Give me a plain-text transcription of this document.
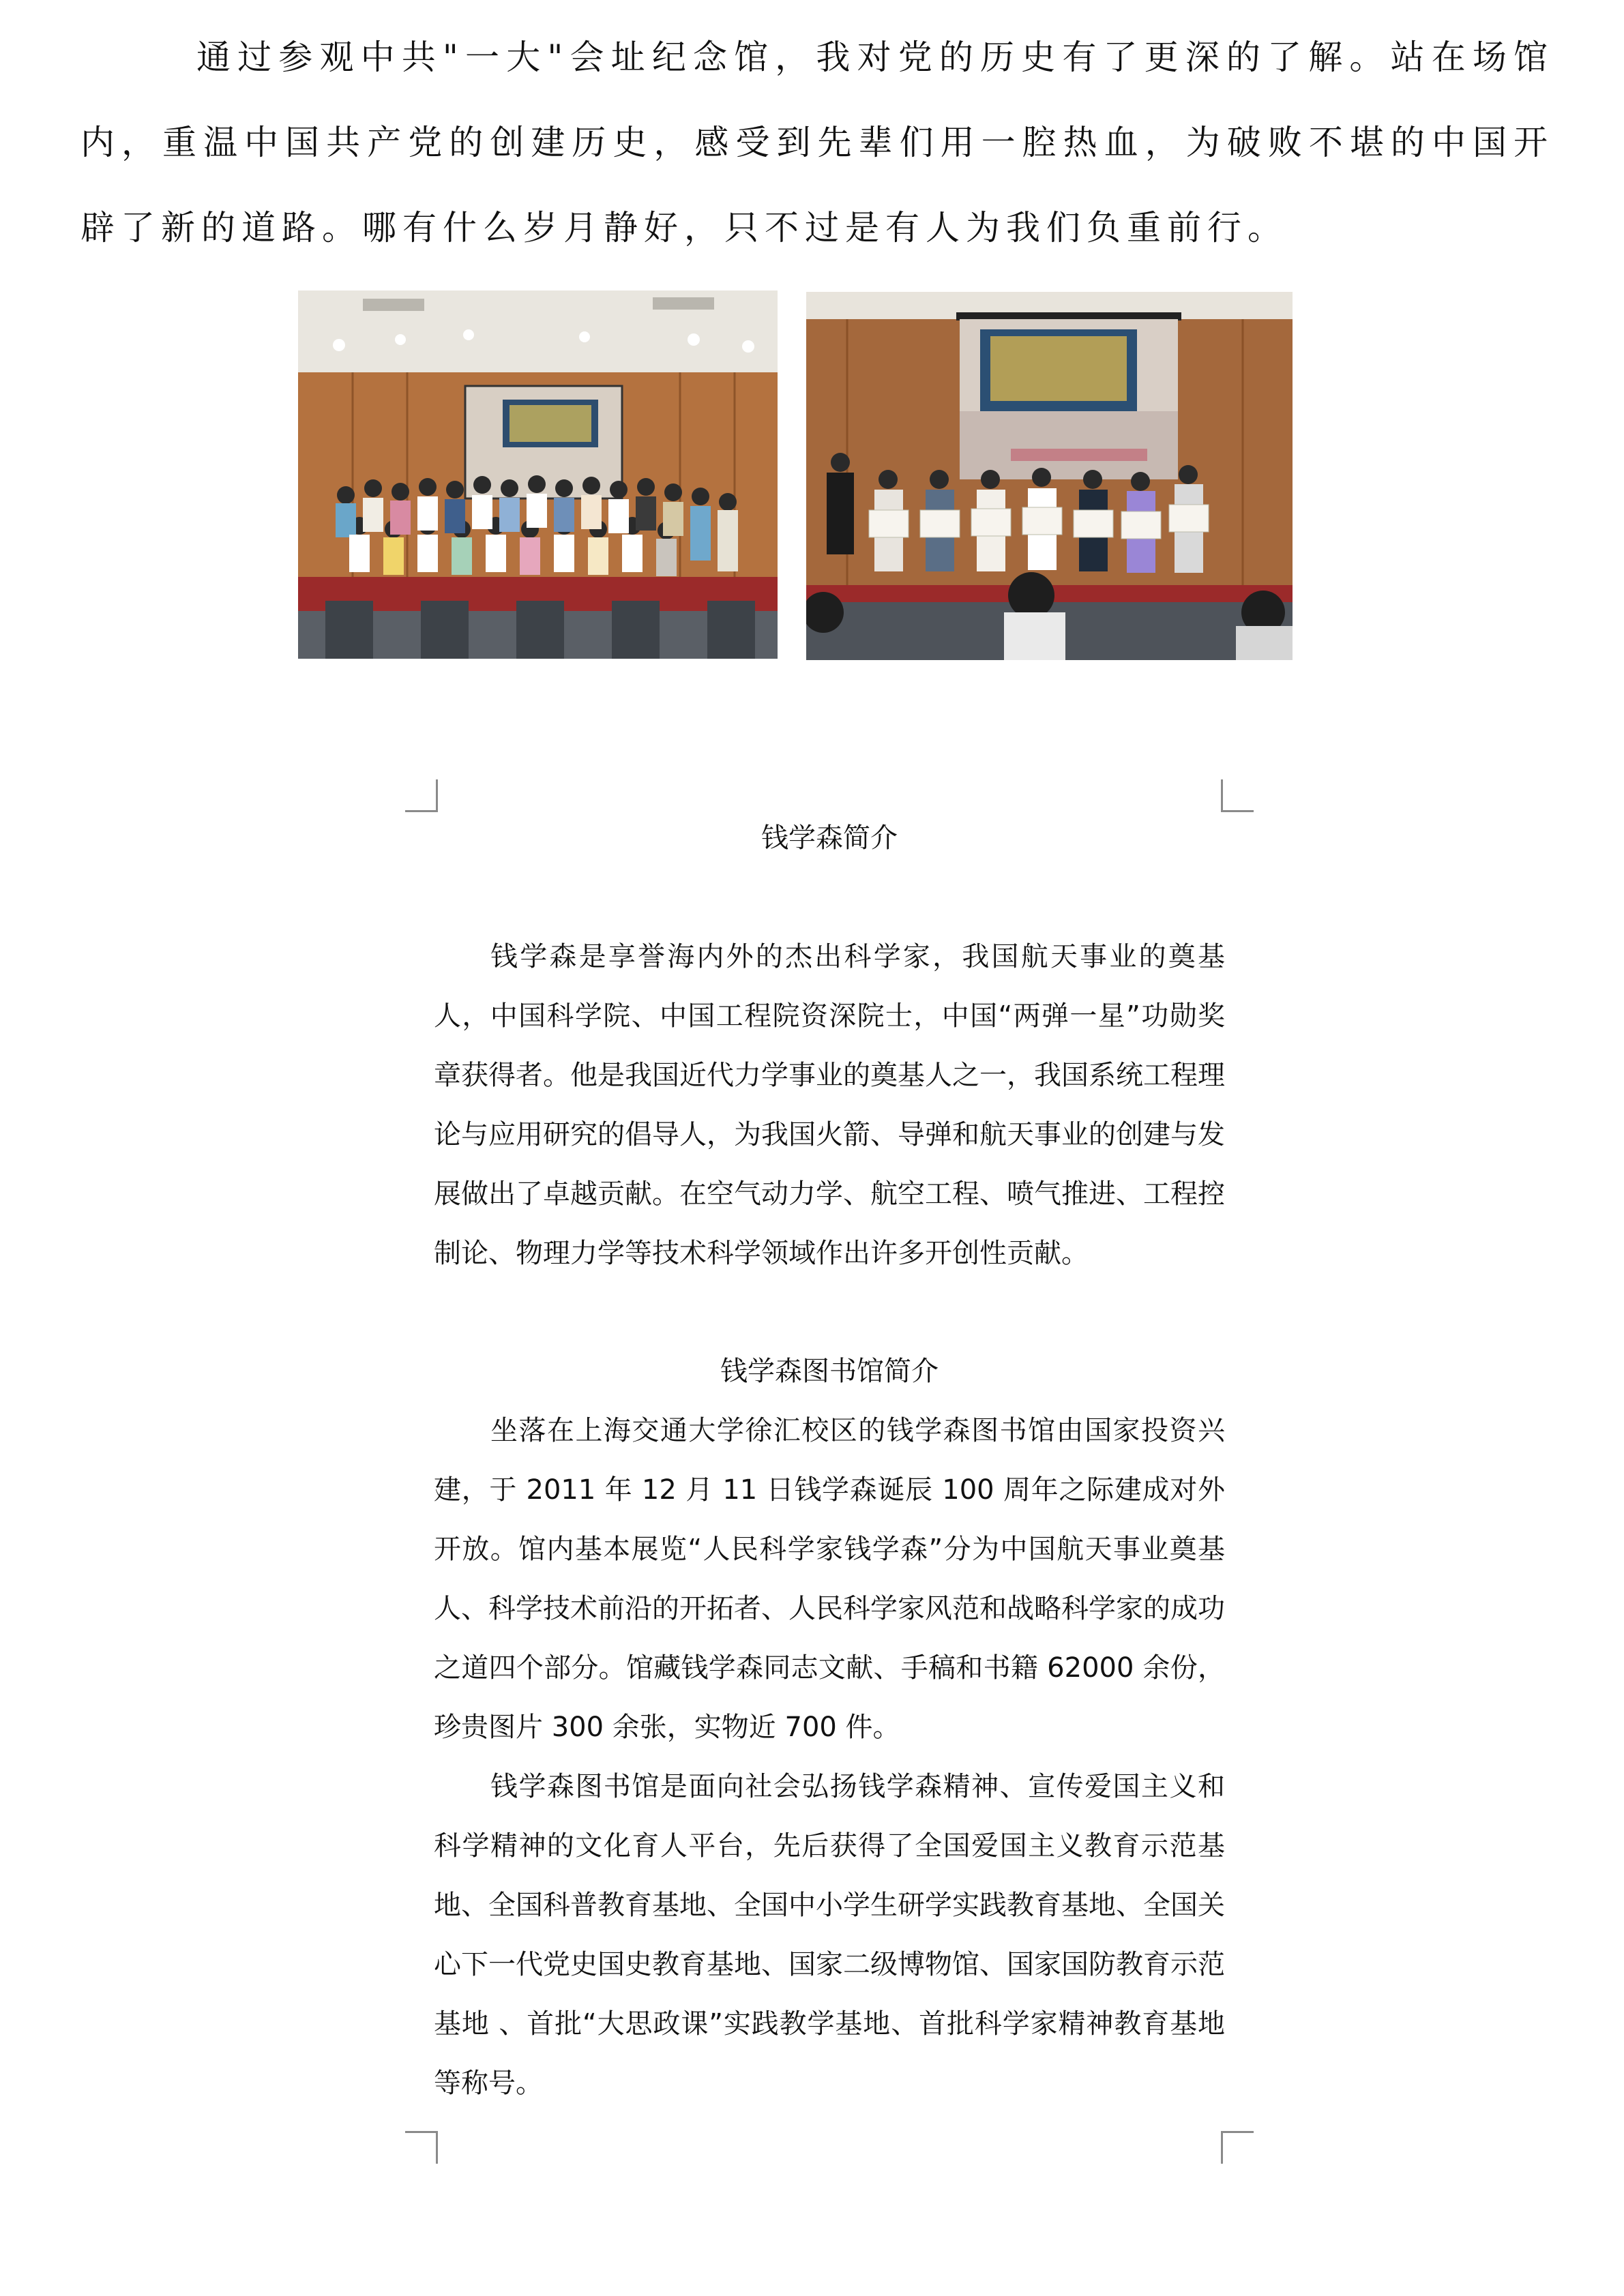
通过参观中共"一大"会址纪念馆，我对党的历史有了更深的了解。站在场馆内，重温中国共产党的创建历史，感受到先辈们用一腔热血，为破败不堪的中国开辟了新的道路。哪有什么岁月静好，只不过是有人为我们负重前行。

钱学森简介

钱学森是享誉海内外的杰出科学家，我国航天事业的奠基人，中国科学院、中国工程院资深院士，中国“两弹一星”功勋奖章获得者。他是我国近代力学事业的奠基人之一，我国系统工程理论与应用研究的倡导人，为我国火箭、导弹和航天事业的创建与发展做出了卓越贡献。在空气动力学、航空工程、喷气推进、工程控制论、物理力学等技术科学领域作出许多开创性贡献。

钱学森图书馆简介

坐落在上海交通大学徐汇校区的钱学森图书馆由国家投资兴建，于 2011 年 12 月 11 日钱学森诞辰 100 周年之际建成对外开放。馆内基本展览“人民科学家钱学森”分为中国航天事业奠基人、科学技术前沿的开拓者、人民科学家风范和战略科学家的成功之道四个部分。馆藏钱学森同志文献、手稿和书籍 62000 余份，珍贵图片 300 余张，实物近 700 件。

钱学森图书馆是面向社会弘扬钱学森精神、宣传爱国主义和科学精神的文化育人平台，先后获得了全国爱国主义教育示范基地、全国科普教育基地、全国中小学生研学实践教育基地、全国关心下一代党史国史教育基地、国家二级博物馆、国家国防教育示范基地 、首批“大思政课”实践教学基地、首批科学家精神教育基地等称号。
